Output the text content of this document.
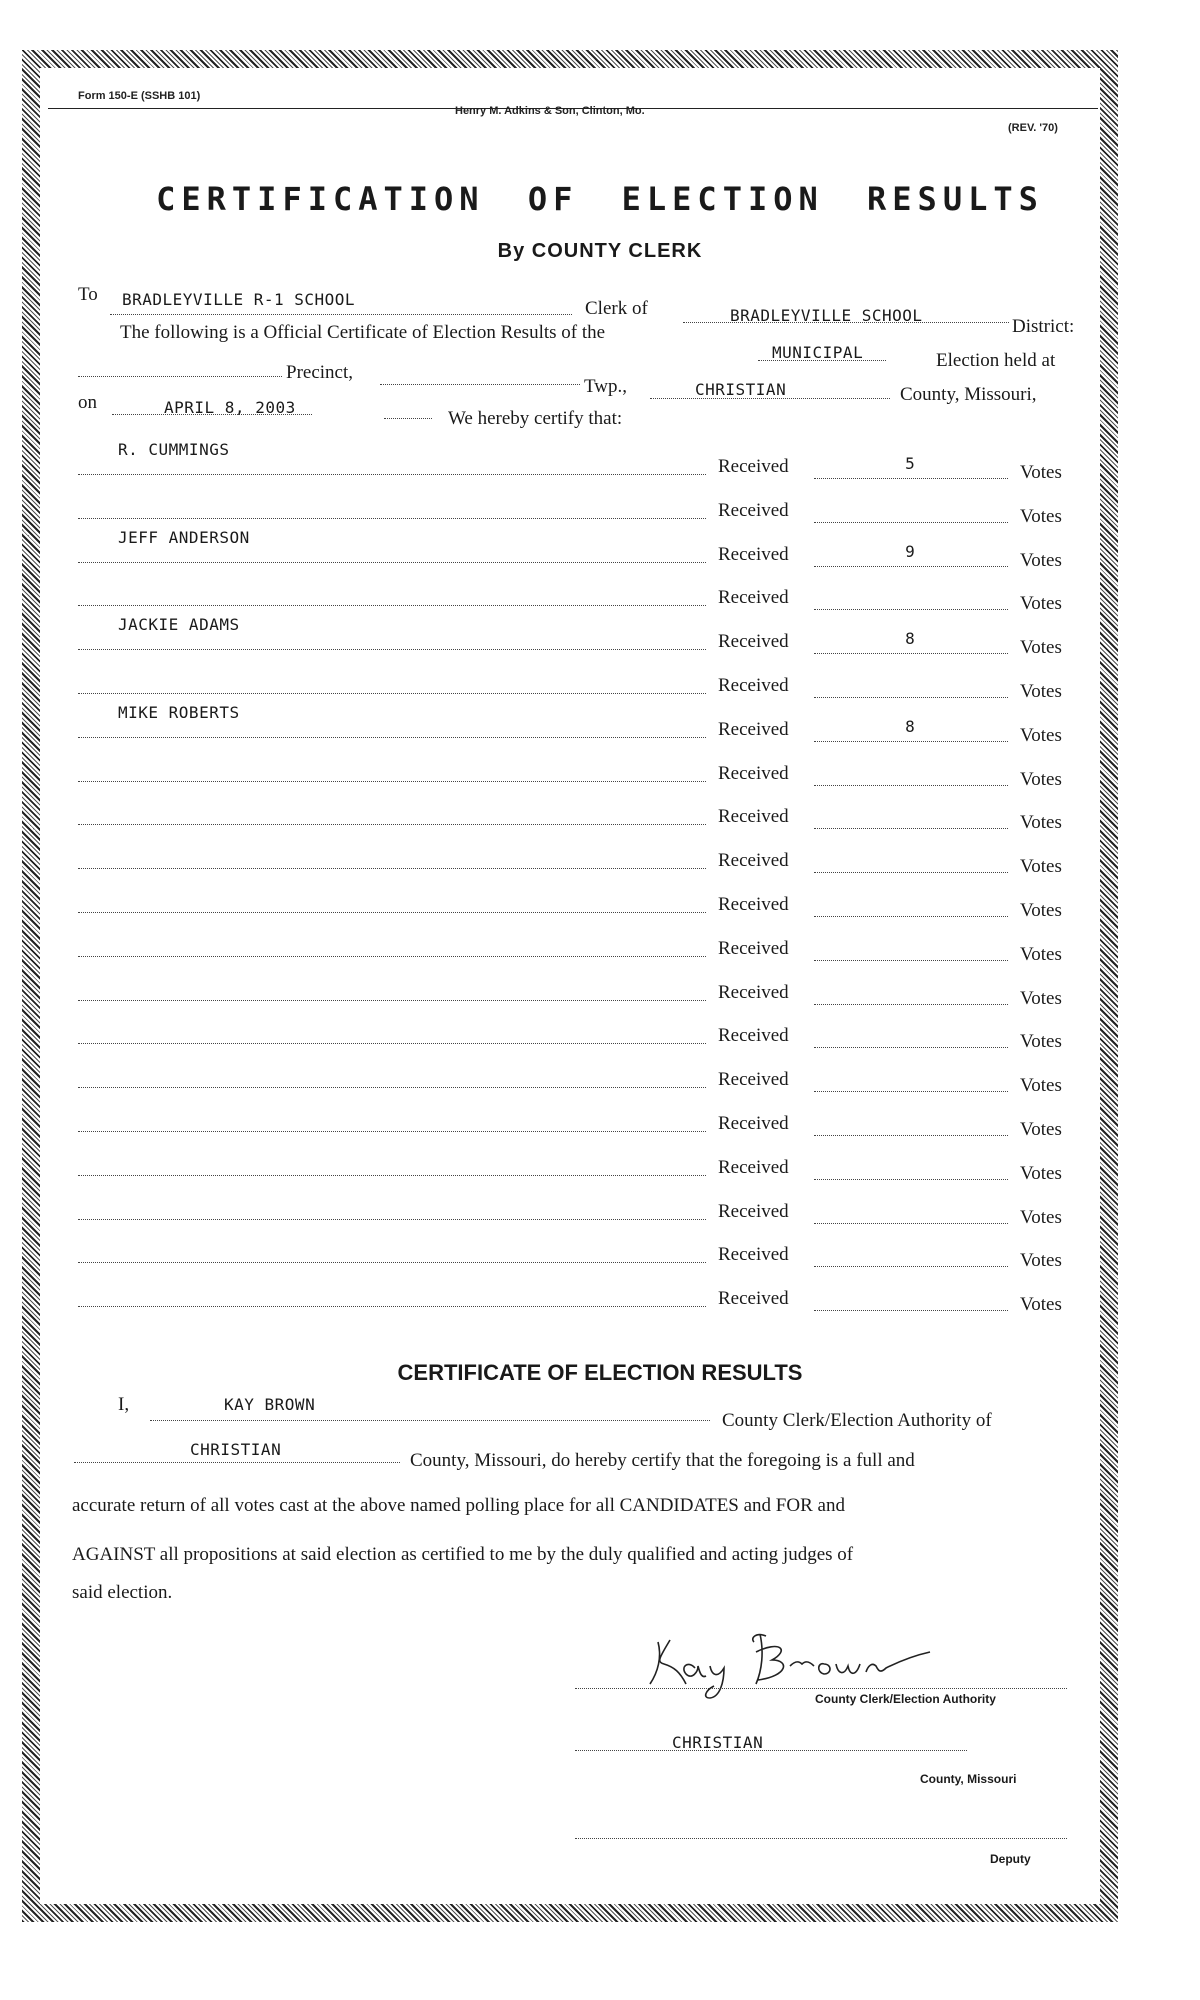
Form 150-E (SSHB 101)
Henry M. Adkins & Son, Clinton, Mo.
(REV. '70)
CERTIFICATION OF ELECTION RESULTS
By COUNTY CLERK
To BRADLEYVILLE R-1 SCHOOL	Clerk of	BRADLEYVILLE SCHOOL
District:
The following is a Official Certificate of Election Results of the
MUNICIPAL	Election held at
Precinct,
Twp.,	CHRISTIAN	County, Missouri,
on	APRIL 8, 2003
We hereby certify that:
R. CUMMINGS
Received	5	Votes
Received	Votes
JEFF ANDERSON
Received	9	Votes
Received	Votes
JACKIE ADAMS
Received	8	Votes
Received	Votes
MIKE ROBERTS
Received	8	Votes
Received	Votes
Received	Votes
Received	Votes
Received	Votes
Received	Votes
Received	Votes
Received	Votes
Received	Votes
Received	Votes
Received	Votes
Received	Votes
Received	Votes
Received	Votes
CERTIFICATE OF ELECTION RESULTS
I,	KAY BROWN
County Clerk/Election Authority of
CHRISTIAN
County, Missouri, do hereby certify that the foregoing is a full and
accurate return of all votes cast at the above named polling place for all CANDIDATES and FOR and
AGAINST all propositions at said election as certified to me by the duly qualified and acting judges of
said election.
County Clerk/Election Authority
CHRISTIAN
County, Missouri
Deputy
